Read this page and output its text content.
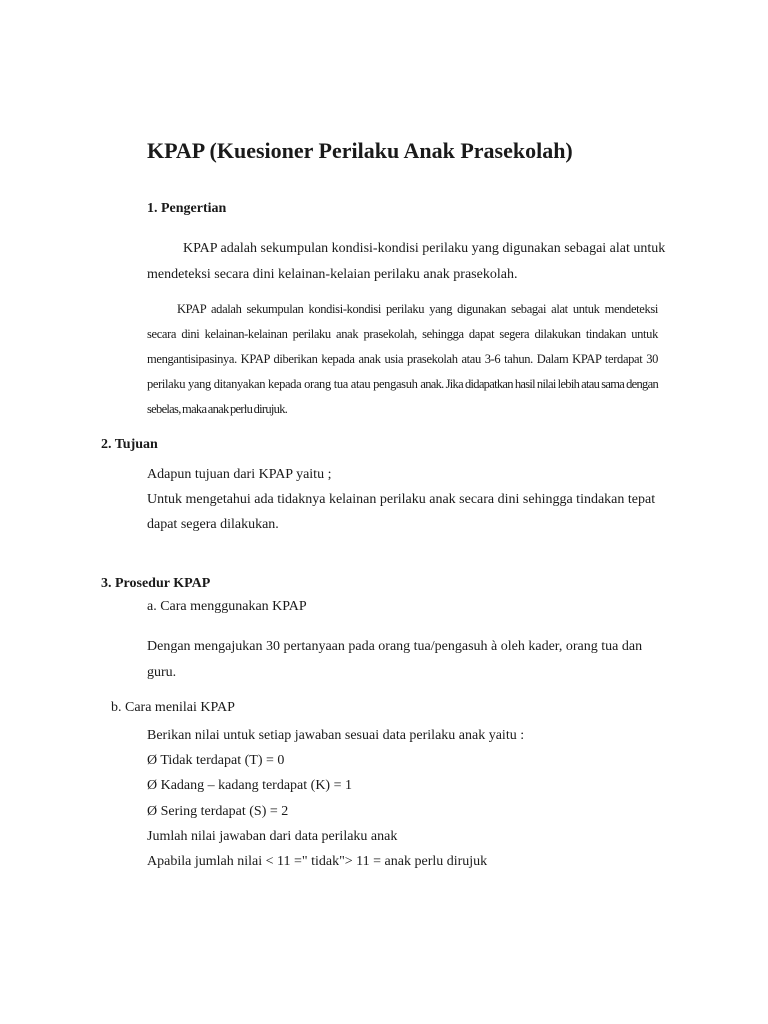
KPAP (Kuesioner Perilaku Anak Prasekolah)
1. Pengertian

KPAP adalah sekumpulan kondisi-kondisi perilaku yang digunakan sebagai alat untuk mendeteksi secara dini kelainan-kelaian perilaku anak prasekolah.

KPAP adalah sekumpulan kondisi-kondisi perilaku yang digunakan sebagai alat untuk mendeteksi secara dini kelainan-kelainan perilaku anak prasekolah, sehingga dapat segera dilakukan tindakan untuk mengantisipasinya. KPAP diberikan kepada anak usia prasekolah atau 3-6 tahun. Dalam KPAP terdapat 30 perilaku yang ditanyakan kepada orang tua atau pengasuh anak. Jika didapatkan hasil nilai lebih atau sama dengan sebelas, maka anak perlu dirujuk.

2. Tujuan
Adapun tujuan dari KPAP yaitu ;
Untuk mengetahui ada tidaknya kelainan perilaku anak secara dini sehingga tindakan tepat dapat segera dilakukan.
3. Prosedur KPAP
a. Cara menggunakan KPAP

Dengan mengajukan 30 pertanyaan pada orang tua/pengasuh à oleh kader, orang tua dan guru.

b. Cara menilai KPAP
Berikan nilai untuk setiap jawaban sesuai data perilaku anak yaitu :
Ø Tidak terdapat (T) = 0
Ø Kadang – kadang terdapat (K) = 1
Ø Sering terdapat (S) = 2
Jumlah nilai jawaban dari data perilaku anak
Apabila jumlah nilai < 11 =" tidak"> 11 = anak perlu dirujuk
